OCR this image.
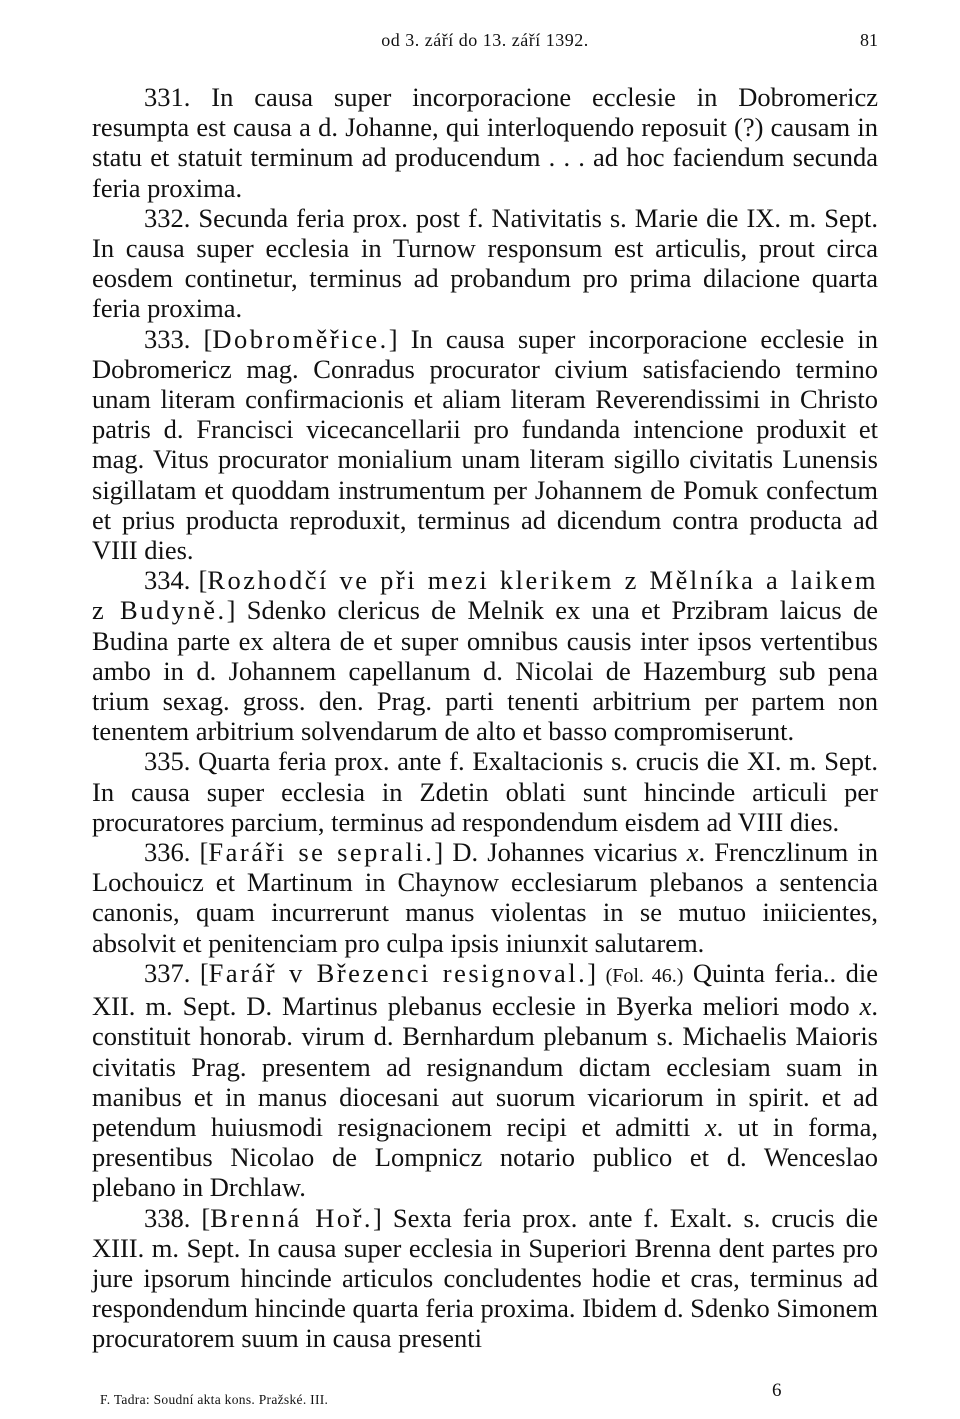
od 3. září do 13. září 1392.	81

331. In causa super incorporacione ecclesie in Dobromericz resumpta est causa a d. Johanne, qui interloquendo reposuit (?) causam in statu et statuit terminum ad producendum . . . ad hoc faciendum secunda feria proxima.

332. Secunda feria prox. post f. Nativitatis s. Marie die IX. m. Sept. In causa super ecclesia in Turnow responsum est articulis, prout circa eosdem continetur, terminus ad probandum pro prima dilacione quarta feria proxima.

333. [Dobroměřice.] In causa super incorporacione ecclesie in Dobromericz mag. Conradus procurator civium satisfaciendo termino unam literam confirmacionis et aliam literam Reverendissimi in Christo patris d. Francisci vicecancellarii pro fundanda intencione produxit et mag. Vitus procurator monialium unam literam sigillo civitatis Lunensis sigillatam et quoddam instrumentum per Johannem de Pomuk confectum et prius producta reproduxit, terminus ad dicendum contra producta ad VIII dies.

334. [Rozhodčí ve při mezi klerikem z Mělníka a laikem z Budyně.] Sdenko clericus de Melnik ex una et Przibram laicus de Budina parte ex altera de et super omnibus causis inter ipsos vertentibus ambo in d. Johannem capellanum d. Nicolai de Hazemburg sub pena trium sexag. gross. den. Prag. parti tenenti arbitrium per partem non tenentem arbitrium solvendarum de alto et basso compromiserunt.

335. Quarta feria prox. ante f. Exaltacionis s. crucis die XI. m. Sept. In causa super ecclesia in Zdetin oblati sunt hincinde articuli per procuratores parcium, terminus ad respondendum eisdem ad VIII dies.

336. [Faráři se seprali.] D. Johannes vicarius x. Frenczlinum in Lochouicz et Martinum in Chaynow ecclesiarum plebanos a sentencia canonis, quam incurrerunt manus violentas in se mutuo iniicientes, absolvit et penitenciam pro culpa ipsis iniunxit salutarem.

337. [Farář v Březenci resignoval.] (Fol. 46.) Quinta feria.. die XII. m. Sept. D. Martinus plebanus ecclesie in Byerka meliori modo x. constituit honorab. virum d. Bernhardum plebanum s. Michaelis Maioris civitatis Prag. presentem ad resignandum dictam ecclesiam suam in manibus et in manus diocesani aut suorum vicariorum in spirit. et ad petendum huiusmodi resignacionem recipi et admitti x. ut in forma, presentibus Nicolao de Lompnicz notario publico et d. Wenceslao plebano in Drchlaw.

338. [Brenná Hoř.] Sexta feria prox. ante f. Exalt. s. crucis die XIII. m. Sept. In causa super ecclesia in Superiori Brenna dent partes pro jure ipsorum hincinde articulos concludentes hodie et cras, terminus ad respondendum hincinde quarta feria proxima. Ibidem d. Sdenko Simonem procuratorem suum in causa presenti

F. Tadra: Soudní akta kons. Pražské. III.	6
